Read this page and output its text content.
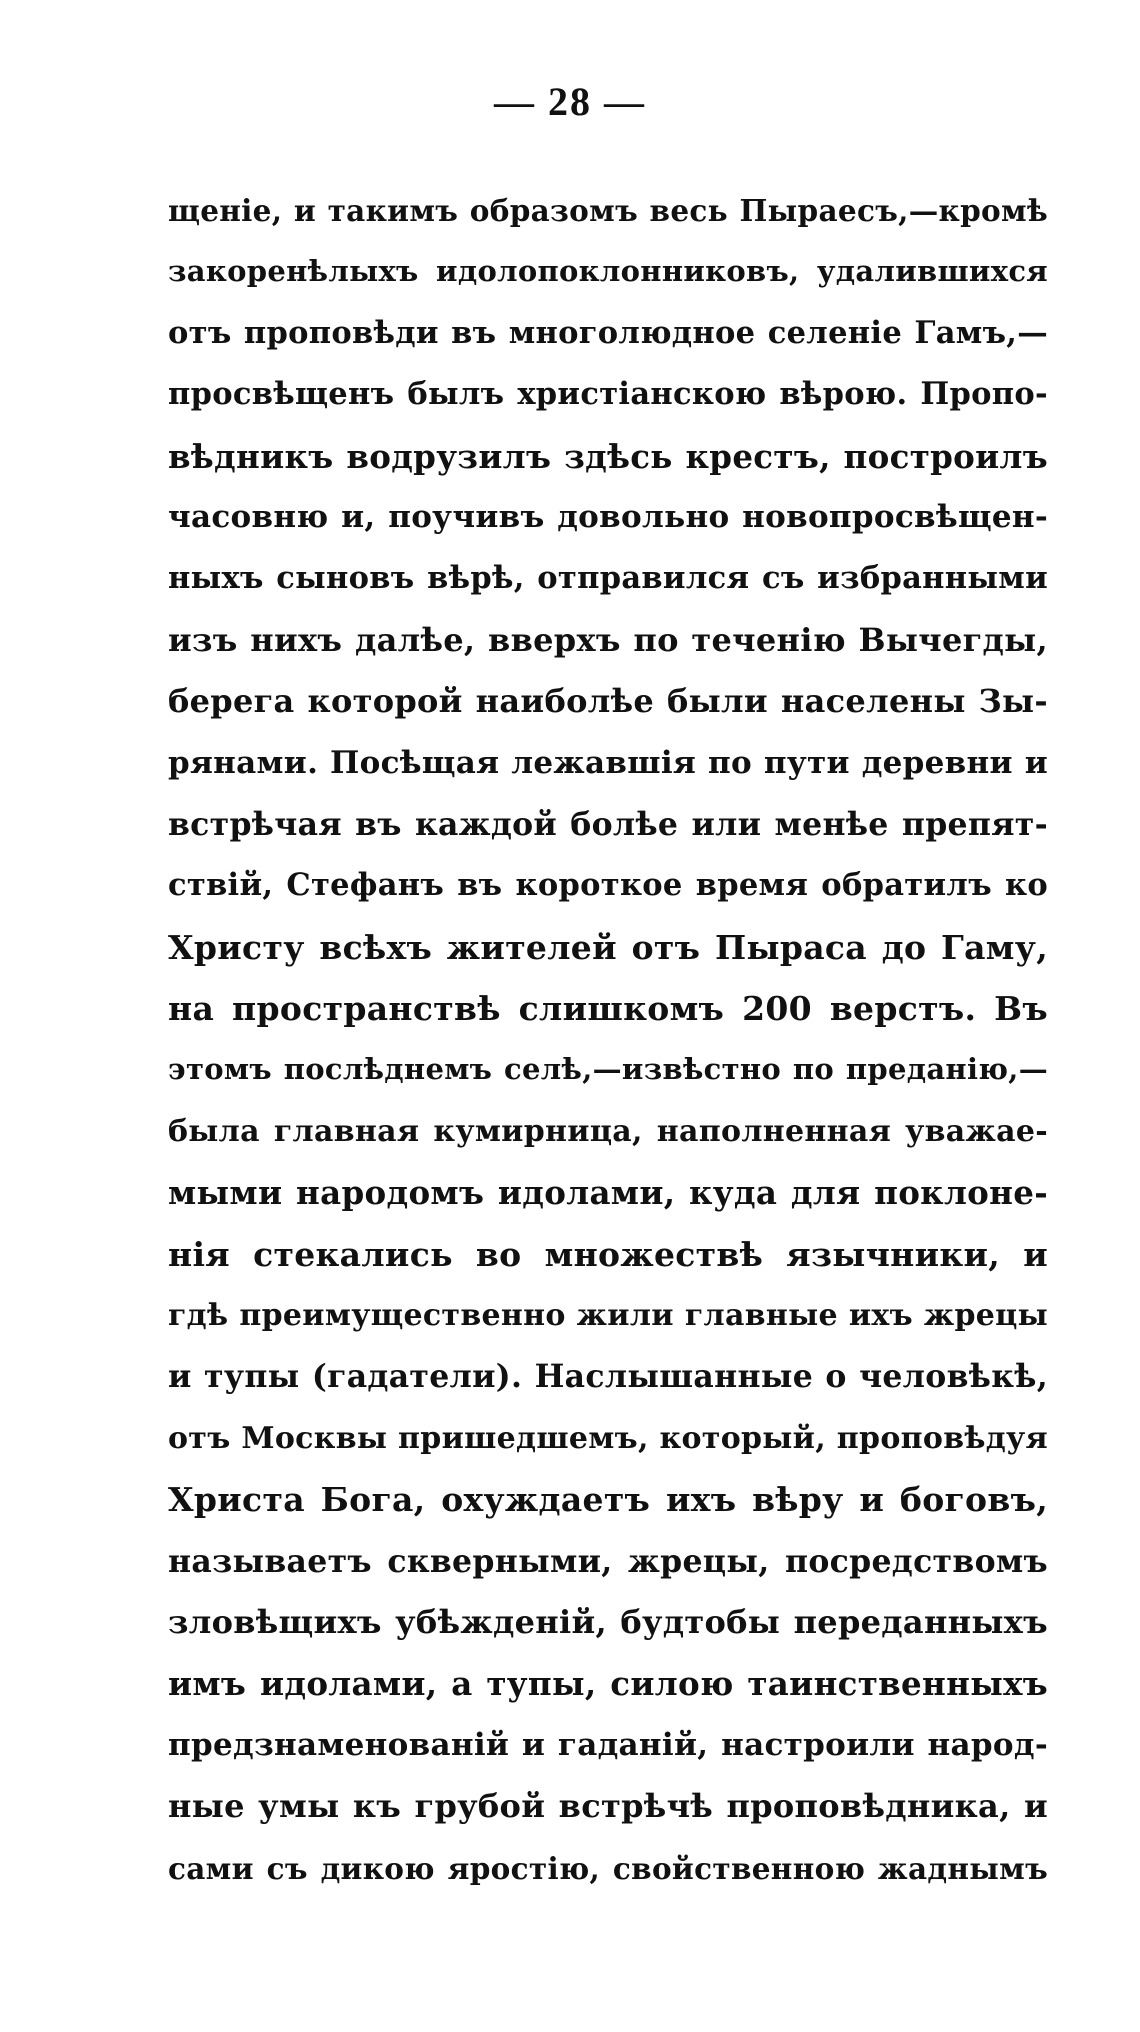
— 28 —
щеніе, и такимъ образомъ весь Пыраесъ,—кромѣ
закоренѣлыхъ идолопоклонниковъ, удалившихся
отъ проповѣди въ многолюдное селеніе Гамъ,—
просвѣщенъ былъ христіанскою вѣрою. Пропо-
вѣдникъ водрузилъ здѣсь крестъ, построилъ
часовню и, поучивъ довольно новопросвѣщен-
ныхъ сыновъ вѣрѣ, отправился съ избранными
изъ нихъ далѣе, вверхъ по теченію Вычегды,
берега которой наиболѣе были населены Зы-
рянами. Посѣщая лежавшія по пути деревни и
встрѣчая въ каждой болѣе или менѣе препят-
ствій, Стефанъ въ короткое время обратилъ ко
Христу всѣхъ жителей отъ Пыраса до Гаму,
на пространствѣ слишкомъ 200 верстъ. Въ
этомъ послѣднемъ селѣ,—извѣстно по преданію,—
была главная кумирница, наполненная уважае-
мыми народомъ идолами, куда для поклоне-
нія стекались во множествѣ язычники, и
гдѣ преимущественно жили главные ихъ жрецы
и тупы (гадатели). Наслышанные о человѣкѣ,
отъ Москвы пришедшемъ, который, проповѣдуя
Христа Бога, охуждаетъ ихъ вѣру и боговъ,
называетъ скверными, жрецы, посредствомъ
зловѣщихъ убѣжденій, будтобы переданныхъ
имъ идолами, а тупы, силою таинственныхъ
предзнаменованій и гаданій, настроили народ-
ные умы къ грубой встрѣчѣ проповѣдника, и
сами съ дикою яростію, свойственною жаднымъ
